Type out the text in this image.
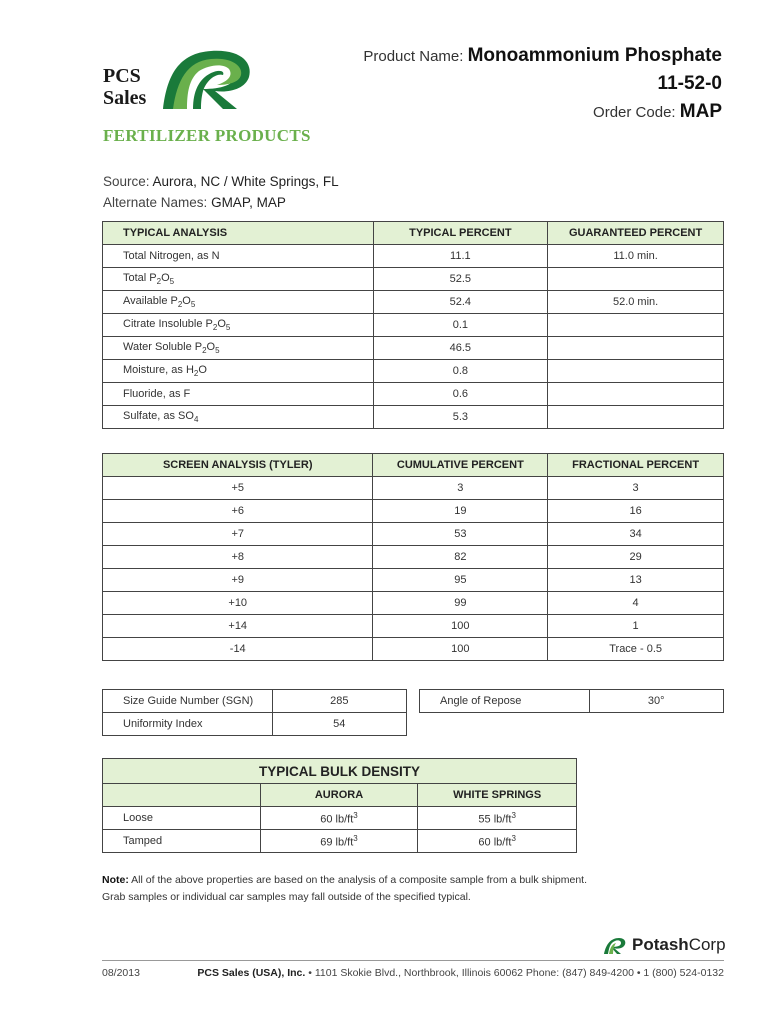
PCS
Sales
FERTILIZER PRODUCTS
Product Name: Monoammonium Phosphate
11-52-0
Order Code: MAP
Source: Aurora, NC / White Springs, FL
Alternate Names: GMAP, MAP
TYPICAL ANALYSIS	TYPICAL PERCENT	GUARANTEED PERCENT
Total Nitrogen, as N	11.1	11.0 min.
Total $P_2O_5$	52.5	
Available $P_2O_5$	52.4	52.0 min.
Citrate Insoluble $P_2O_5$	0.1	
Water Soluble $P_2O_5$	46.5	
Moisture, as $H_2O$	0.8	
Fluoride, as F	0.6	
Sulfate, as $SO_4$	5.3	
SCREEN ANALYSIS (TYLER)	CUMULATIVE PERCENT	FRACTIONAL PERCENT
+5	3	3
+6	19	16
+7	53	34
+8	82	29
+9	95	13
+10	99	4
+14	100	1
-14	100	Trace - 0.5
Size Guide Number (SGN)	285
Uniformity Index	54
Angle of Repose	30°
TYPICAL BULK DENSITY		
	AURORA	WHITE SPRINGS
Loose	60 $lb/ft^3$	55 $lb/ft^3$
Tamped	69 $lb/ft^3$	60 $lb/ft^3$
Note: All of the above properties are based on the analysis of a composite sample from a bulk shipment.
Grab samples or individual car samples may fall outside of the specified typical.
PotashCorp
08/2013	PCS Sales (USA), Inc. • 1101 Skokie Blvd., Northbrook, Illinois 60062 Phone: (847) 849-4200 • 1 (800) 524-0132
